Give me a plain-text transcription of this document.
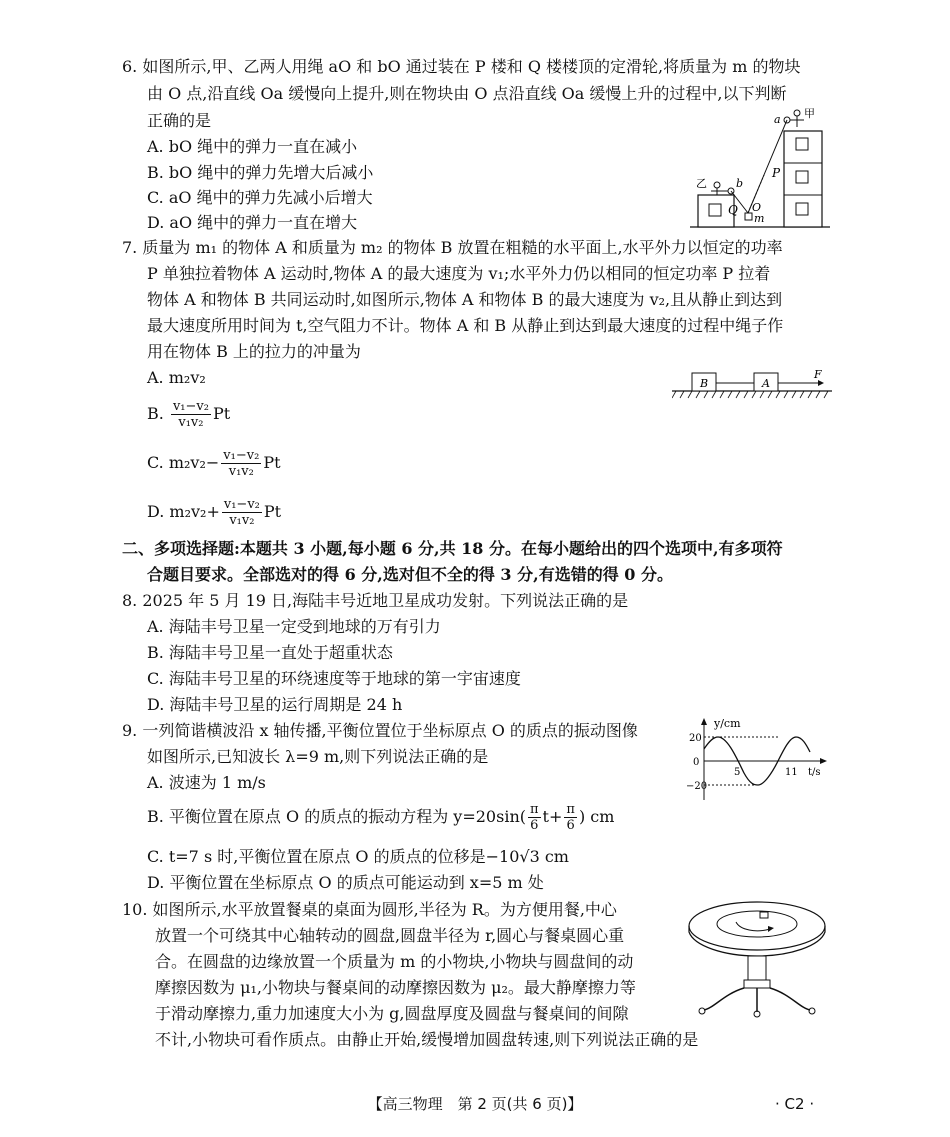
6. 如图所示,甲、乙两人用绳 aO 和 bO 通过装在 P 楼和 Q 楼楼顶的定滑轮,将质量为 m 的物块
由 O 点,沿直线 Oa 缓慢向上提升,则在物块由 O 点沿直线 Oa 缓慢上升的过程中,以下判断
正确的是
A. bO 绳中的弹力一直在减小
B. bO 绳中的弹力先增大后减小
C. aO 绳中的弹力先减小后增大
D. aO 绳中的弹力一直在增大
a 甲
乙	b
P
Q O
m
7. 质量为 m₁ 的物体 A 和质量为 m₂ 的物体 B 放置在粗糙的水平面上,水平外力以恒定的功率
P 单独拉着物体 A 运动时,物体 A 的最大速度为 v₁;水平外力仍以相同的恒定功率 P 拉着
物体 A 和物体 B 共同运动时,如图所示,物体 A 和物体 B 的最大速度为 v₂,且从静止到达到
最大速度所用时间为 t,空气阻力不计。物体 A 和 B 从静止到达到最大速度的过程中绳子作
用在物体 B 上的拉力的冲量为
A. m₂v₂
B. $\frac{\text{v₁−v₂}}{\text{v₁v₂}}$ Pt
C. $m_2v_2- \frac{\text{v₁−v₂}}{\text{v₁v₂}}$ Pt
D. $m_2v_2+ \frac{\text{v₁−v₂}}{\text{v₁v₂}}$ Pt
B	A
F
二、多项选择题:本题共 3 小题,每小题 6 分,共 18 分。在每小题给出的四个选项中,有多项符
合题目要求。全部选对的得 6 分,选对但不全的得 3 分,有选错的得 0 分。
8. 2025 年 5 月 19 日,海陆丰号近地卫星成功发射。下列说法正确的是
A. 海陆丰号卫星一定受到地球的万有引力
B. 海陆丰号卫星一直处于超重状态
C. 海陆丰号卫星的环绕速度等于地球的第一宇宙速度
D. 海陆丰号卫星的运行周期是 24 h
9. 一列简谐横波沿 x 轴传播,平衡位置位于坐标原点 O 的质点的振动图像
如图所示,已知波长 λ=9 m,则下列说法正确的是
A. 波速为 1 m/s
B. 平衡位置在原点 O 的质点的振动方程为 $y=20\sin( \frac{\pi}{6} t+ \frac{\pi}{6}$ ) cm
C. t=7 s 时,平衡位置在原点 O 的质点的位移是−10√3 cm
D. 平衡位置在坐标原点 O 的质点可能运动到 x=5 m 处
y/cm
20
0
−20
5	11 t/s
10. 如图所示,水平放置餐桌的桌面为圆形,半径为 R。为方便用餐,中心
放置一个可绕其中心轴转动的圆盘,圆盘半径为 r,圆心与餐桌圆心重
合。在圆盘的边缘放置一个质量为 m 的小物块,小物块与圆盘间的动
摩擦因数为 μ₁,小物块与餐桌间的动摩擦因数为 μ₂。最大静摩擦力等
于滑动摩擦力,重力加速度大小为 g,圆盘厚度及圆盘与餐桌间的间隙
不计,小物块可看作质点。由静止开始,缓慢增加圆盘转速,则下列说法正确的是
【高三物理　第 2 页(共 6 页)】	· C2 ·
